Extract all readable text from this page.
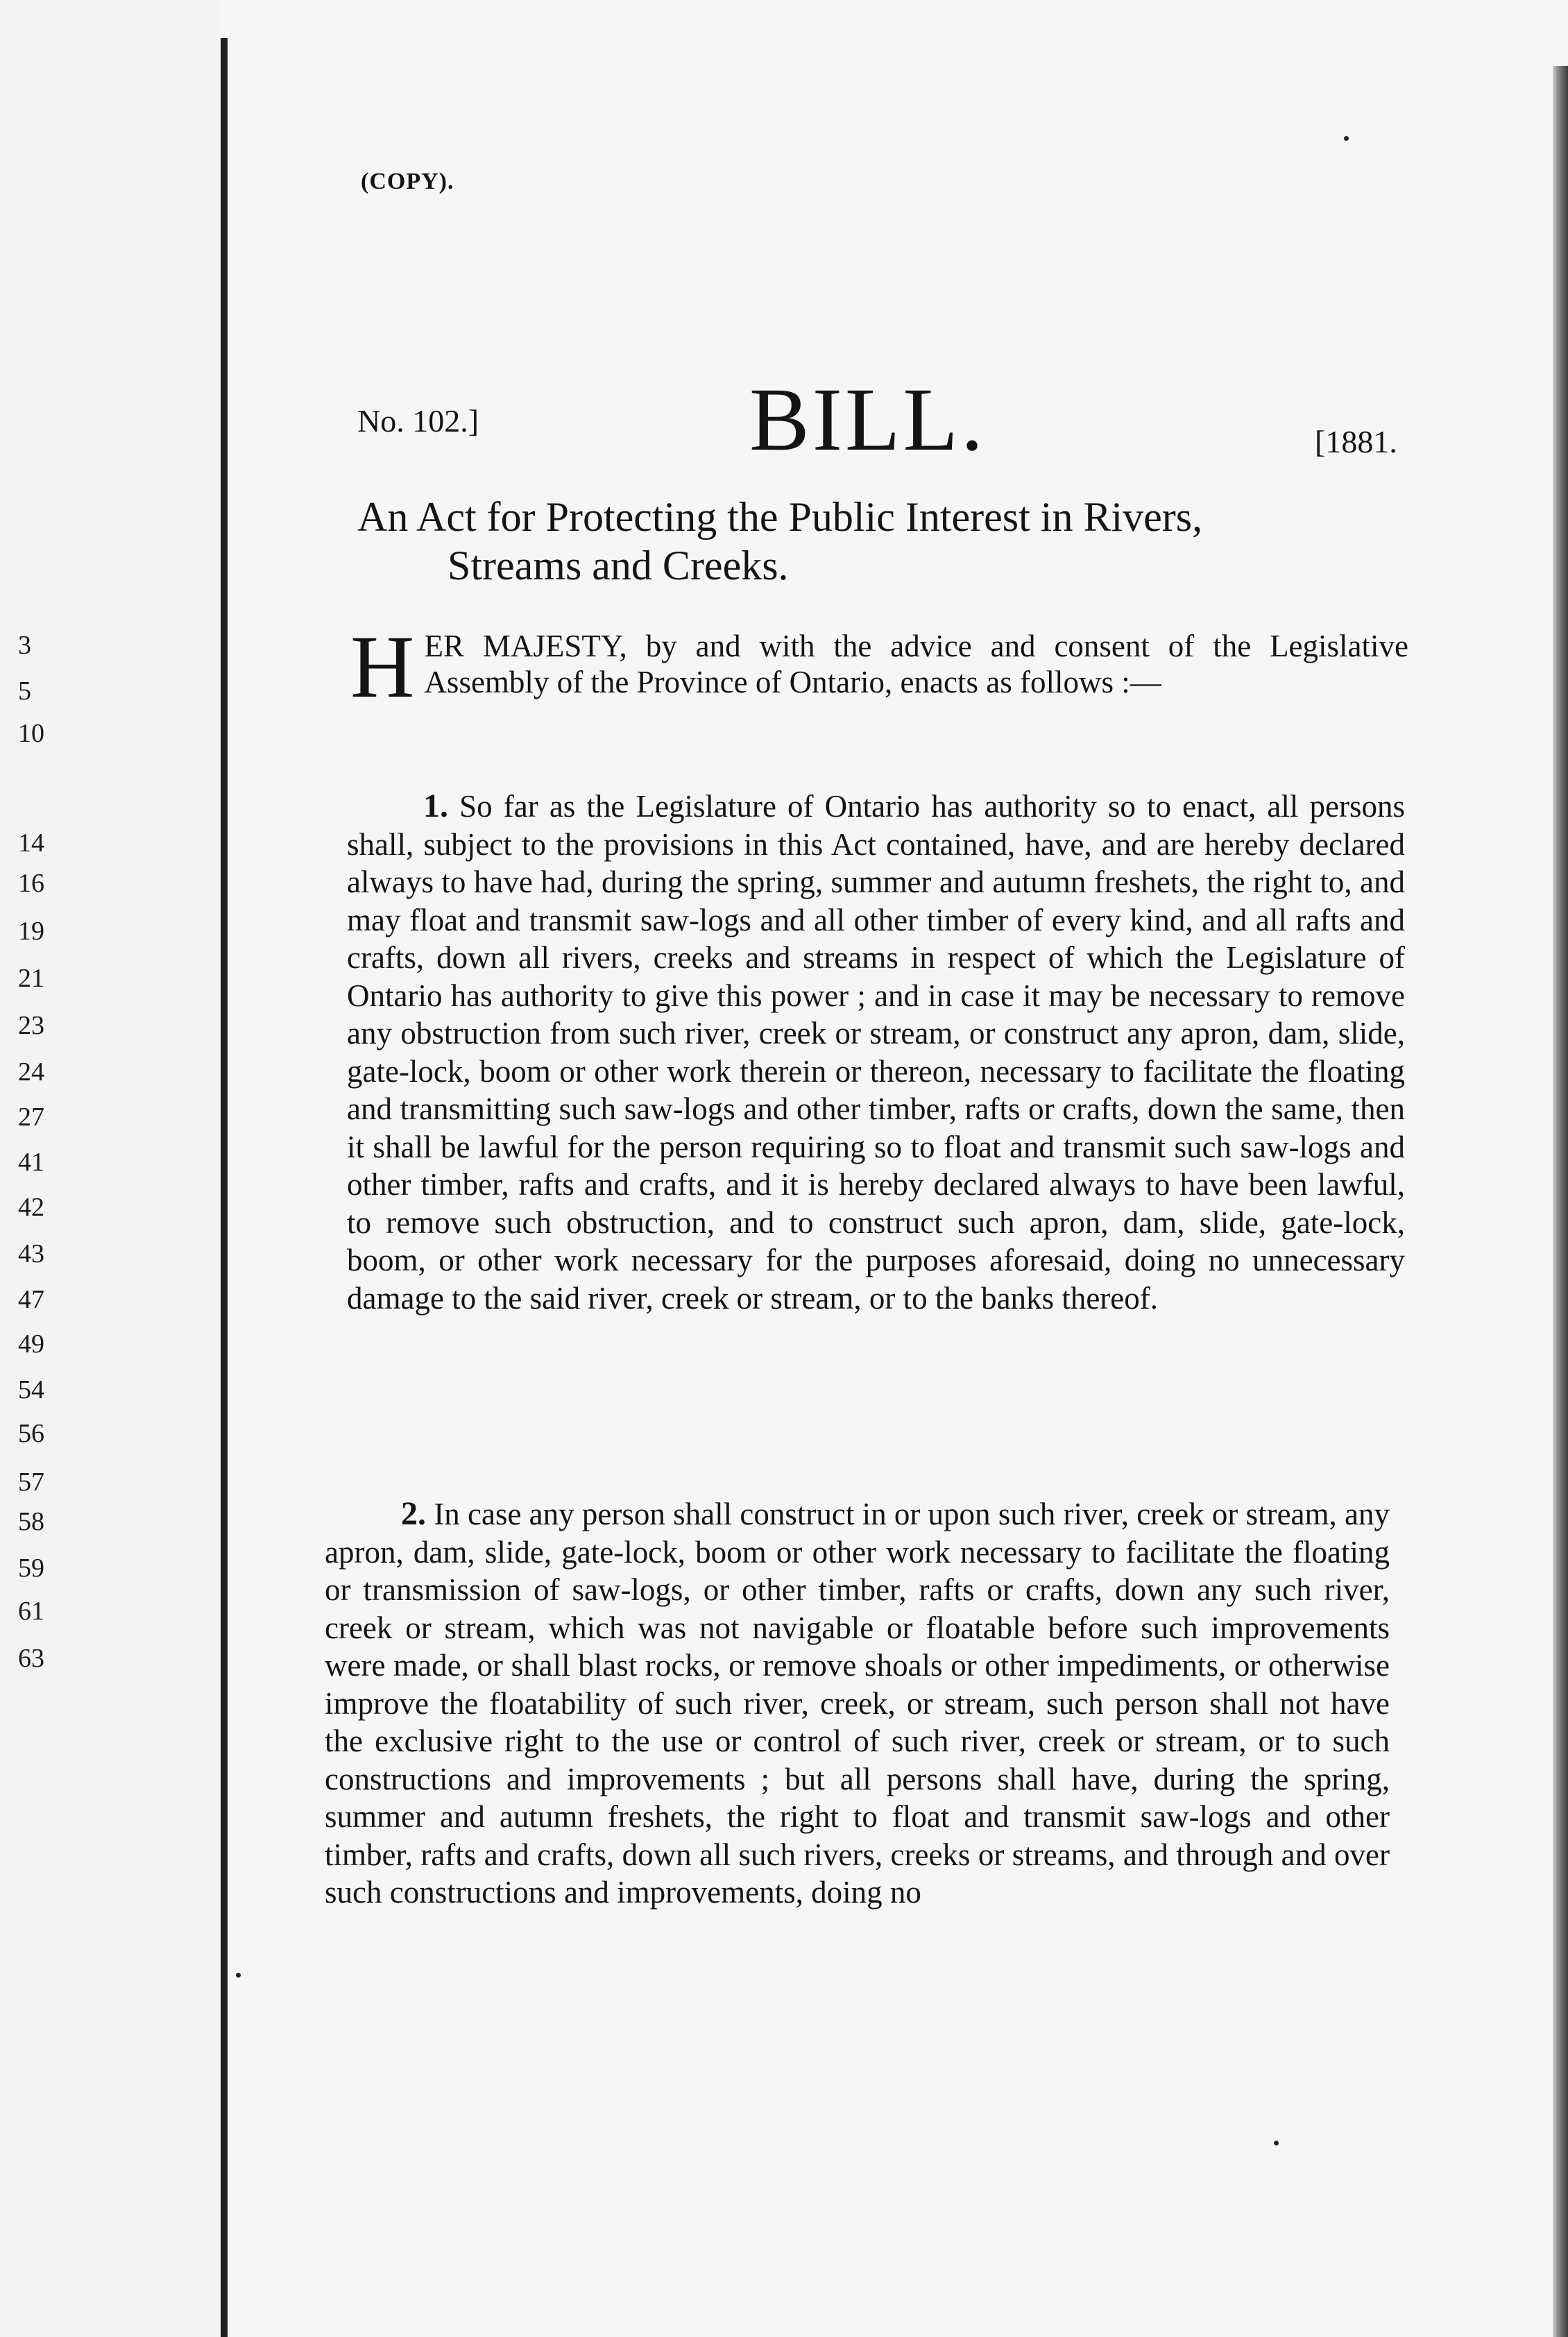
3
5
10
14
16
19
21
23
24
27
41
42
43
47
49
54
56
57
58
59
61
63
(COPY).
No. 102.]	BILL.	[1881.
An Act for Protecting the Public Interest in Rivers,
Streams and Creeks.
H ER MAJESTY, by and with the advice and consent of the Legislative Assembly of the Province of Ontario, enacts as follows :—
1. So far as the Legislature of Ontario has authority so to enact, all persons shall, subject to the provisions in this Act contained, have, and are hereby declared always to have had, during the spring, summer and autumn freshets, the right to, and may float and transmit saw-logs and all other timber of every kind, and all rafts and crafts, down all rivers, creeks and streams in respect of which the Legislature of Ontario has authority to give this power ; and in case it may be necessary to remove any obstruction from such river, creek or stream, or construct any apron, dam, slide, gate-lock, boom or other work therein or thereon, necessary to facilitate the floating and transmitting such saw-logs and other timber, rafts or crafts, down the same, then it shall be lawful for the person requiring so to float and transmit such saw-logs and other timber, rafts and crafts, and it is hereby declared always to have been lawful, to remove such obstruction, and to construct such apron, dam, slide, gate-lock, boom, or other work necessary for the purposes aforesaid, doing no unnecessary damage to the said river, creek or stream, or to the banks thereof.
2. In case any person shall construct in or upon such river, creek or stream, any apron, dam, slide, gate-lock, boom or other work necessary to facilitate the floating or transmission of saw-logs, or other timber, rafts or crafts, down any such river, creek or stream, which was not navigable or floatable before such improvements were made, or shall blast rocks, or remove shoals or other impediments, or otherwise improve the floatability of such river, creek, or stream, such person shall not have the exclusive right to the use or control of such river, creek or stream, or to such constructions and improvements ; but all persons shall have, during the spring, summer and autumn freshets, the right to float and transmit saw-logs and other timber, rafts and crafts, down all such rivers, creeks or streams, and through and over such constructions and improvements, doing no
